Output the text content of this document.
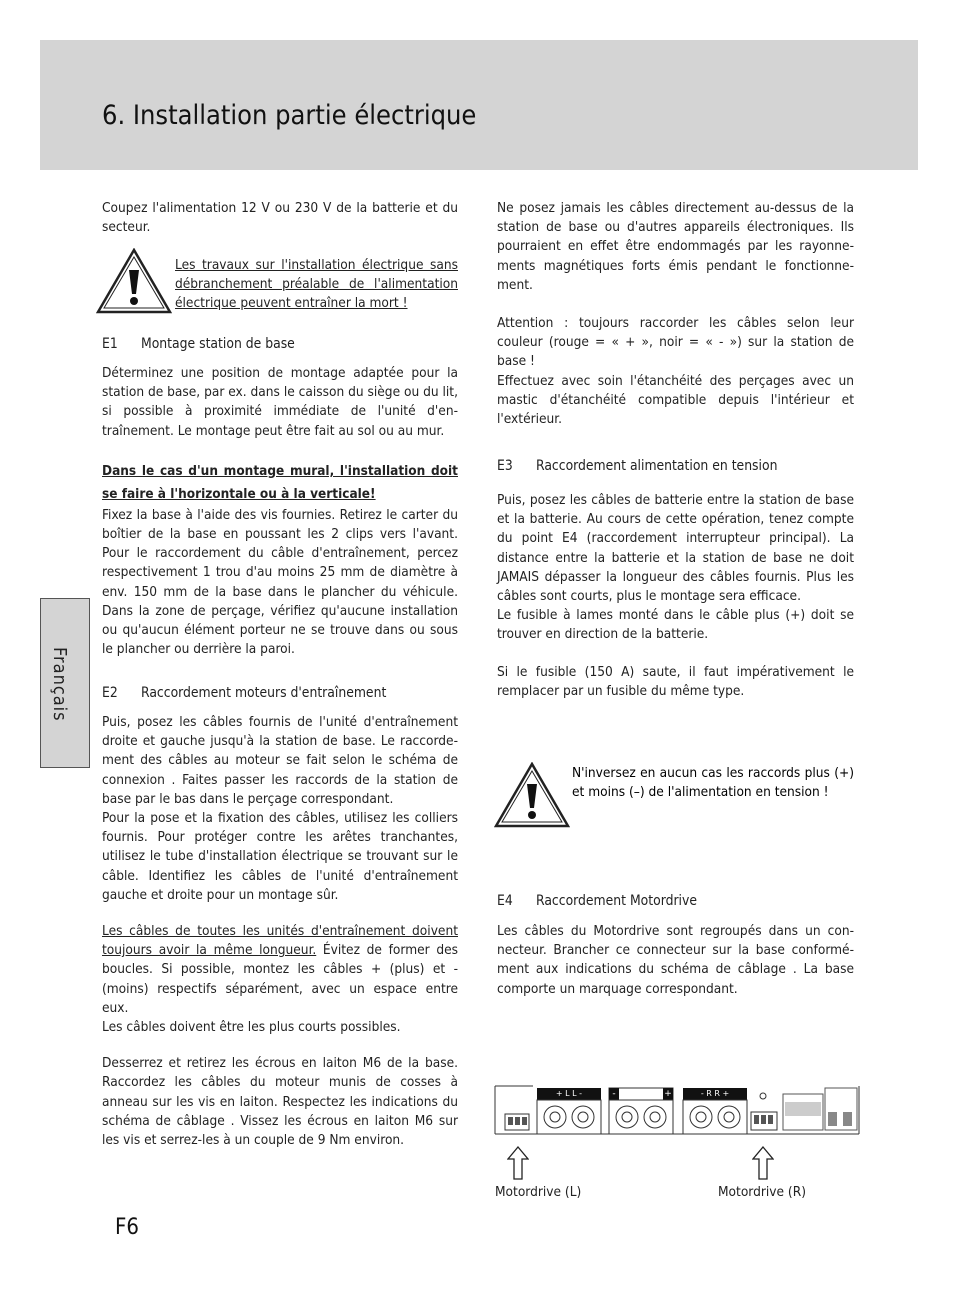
6. Installation partie électrique
Français

Coupez l'alimentation 12 V ou 230 V de la batterie et du secteur.

Les travaux sur l'installation électrique sans débranchement préalable de l'alimentation électrique peuvent entraîner la mort !
E1 Montage station de base

Déterminez une position de montage adaptée pour la station de base, par ex. dans le caisson du siège ou du lit, si possible à proximité immédiate de l'unité d'entraînement. Le montage peut être fait au sol ou au mur.

Dans le cas d'un montage mural, l'installation doit se faire à l'horizontale ou à la verticale!

Fixez la base à l'aide des vis fournies. Retirez le carter du boîtier de la base en poussant les 2 clips vers l'avant. Pour le raccordement du câble d'entraînement, percez respectivement 1 trou d'au moins 25 mm de diamètre à env. 150 mm de la base dans le plancher du véhicule. Dans la zone de perçage, vérifiez qu'aucune installation ou qu'aucun élément porteur ne se trouve dans ou sous le plancher ou derrière la paroi.

E2 Raccordement moteurs d'entraînement

Puis, posez les câbles fournis de l'unité d'entraînement droite et gauche jusqu'à la station de base. Le raccordement des câbles au moteur se fait selon le schéma de connexion . Faites passer les raccords de la station de base par le bas dans le perçage correspondant.

Pour la pose et la fixation des câbles, utilisez les colliers fournis. Pour protéger contre les arêtes tranchantes, utilisez le tube d'installation électrique se trouvant sur le câble. Identifiez les câbles de l'unité d'entraînement gauche et droite pour un montage sûr.

Les câbles de toutes les unités d'entraînement doivent toujours avoir la même longueur. Évitez de former des boucles. Si possible, montez les câbles + (plus) et - (moins) respectifs séparément, avec un espace entre eux.

Les câbles doivent être les plus courts possibles.

Desserrez et retirez les écrous en laiton M6 de la base. Raccordez les câbles du moteur munis de cosses à anneau sur les vis en laiton. Respectez les indications du schéma de câblage . Vissez les écrous en laiton M6 sur les vis et serrez-les à un couple de 9 Nm environ.

Ne posez jamais les câbles directement au-dessus de la station de base ou d'autres appareils électroniques. Ils pourraient en effet être endommagés par les rayonnements magnétiques forts émis pendant le fonctionnement.

Attention : toujours raccorder les câbles selon leur couleur (rouge = « + », noir = « - ») sur la station de base !

Effectuez avec soin l'étanchéité des perçages avec un mastic d'étanchéité compatible depuis l'intérieur et l'extérieur.

E3 Raccordement alimentation en tension

Puis, posez les câbles de batterie entre la station de base et la batterie. Au cours de cette opération, tenez compte du point E4 (raccordement interrupteur principal). La distance entre la batterie et la station de base ne doit JAMAIS dépasser la longueur des câbles fournis. Plus les câbles sont courts, plus le montage sera efficace.

Le fusible à lames monté dans le câble plus (+) doit se trouver en direction de la batterie.

Si le fusible (150 A) saute, il faut impérativement le remplacer par un fusible du même type.

N'inversez en aucun cas les raccords plus (+) et moins (–) de l'alimentation en tension !
E4 Raccordement Motordrive

Les câbles du Motordrive sont regroupés dans un connecteur. Brancher ce connecteur sur la base conformément aux indications du schéma de câblage . La base comporte un marquage correspondant.

+ L L -	-	+	- R R +
Motordrive (L)	Motordrive (R)
F6
